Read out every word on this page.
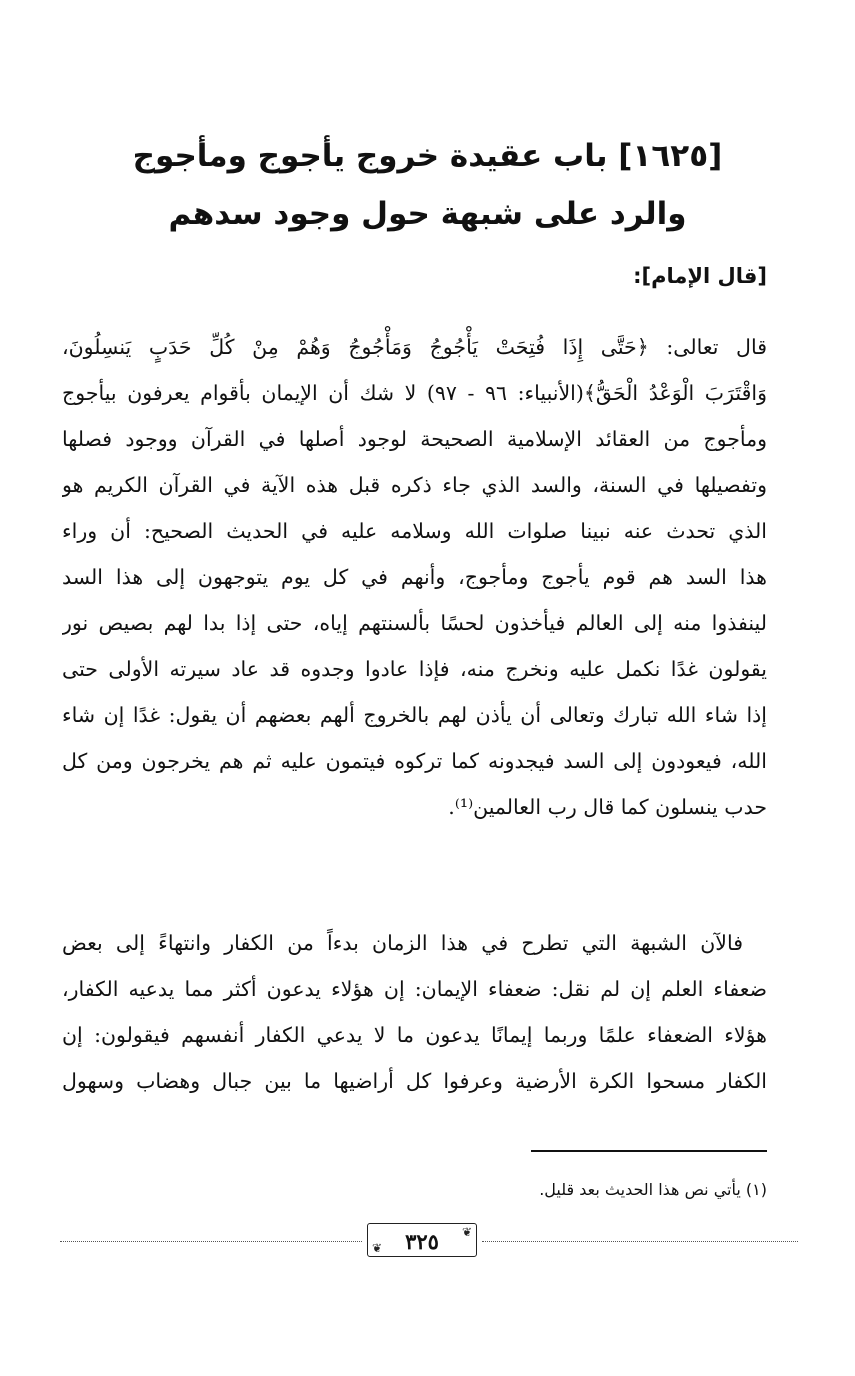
[١٦٢٥] باب عقيدة خروج يأجوج ومأجوج
والرد على شبهة حول وجود سدهم
[قال الإمام]:
قال تعالى: ﴿حَتَّى إِذَا فُتِحَتْ يَأْجُوجُ وَمَأْجُوجُ وَهُمْ مِنْ كُلِّ حَدَبٍ يَنسِلُونَ،
وَاقْتَرَبَ الْوَعْدُ الْحَقُّ﴾(الأنبياء: ٩٦ - ٩٧) لا شك أن الإيمان بأقوام يعرفون بيأجوج
ومأجوج من العقائد الإسلامية الصحيحة لوجود أصلها في القرآن ووجود فصلها
وتفصيلها في السنة، والسد الذي جاء ذكره قبل هذه الآية في القرآن الكريم هو
الذي تحدث عنه نبينا صلوات الله وسلامه عليه في الحديث الصحيح: أن وراء
هذا السد هم قوم يأجوج ومأجوج، وأنهم في كل يوم يتوجهون إلى هذا السد
لينفذوا منه إلى العالم فيأخذون لحسًا بألسنتهم إياه، حتى إذا بدا لهم بصيص نور
يقولون غدًا نكمل عليه ونخرج منه، فإذا عادوا وجدوه قد عاد سيرته الأولى حتى
إذا شاء الله تبارك وتعالى أن يأذن لهم بالخروج ألهم بعضهم أن يقول: غدًا إن شاء
الله، فيعودون إلى السد فيجدونه كما تركوه فيتمون عليه ثم هم يخرجون ومن كل
حدب ينسلون كما قال رب العالمين⁽¹⁾.
فالآن الشبهة التي تطرح في هذا الزمان بدءاً من الكفار وانتهاءً إلى بعض
ضعفاء العلم إن لم نقل: ضعفاء الإيمان: إن هؤلاء يدعون أكثر مما يدعيه الكفار،
هؤلاء الضعفاء علمًا وربما إيمانًا يدعون ما لا يدعي الكفار أنفسهم فيقولون: إن
الكفار مسحوا الكرة الأرضية وعرفوا كل أراضيها ما بين جبال وهضاب وسهول
(١) يأتي نص هذا الحديث بعد قليل.
❦
❦	٣٢٥
